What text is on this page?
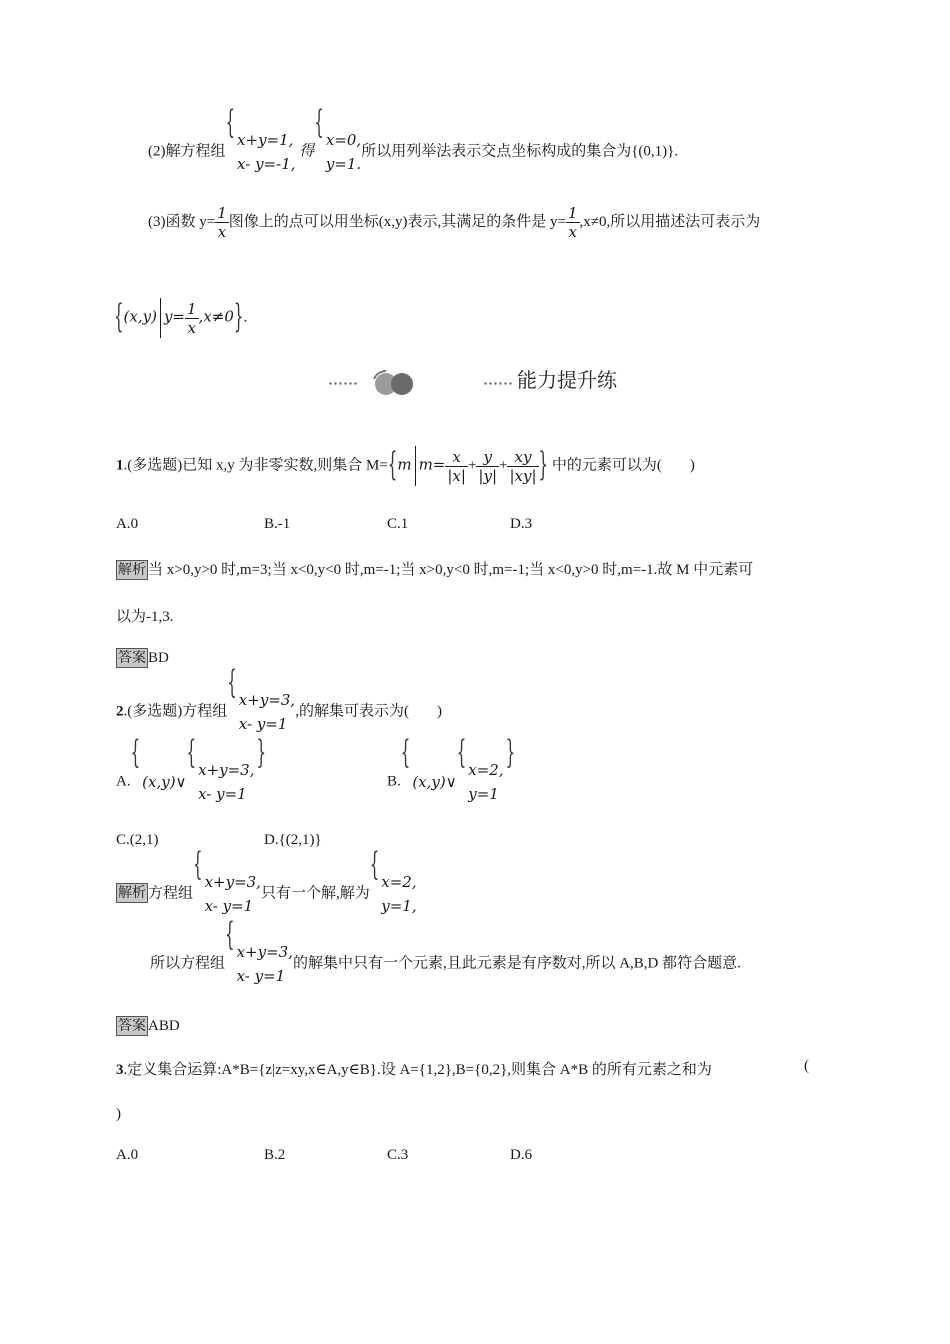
(2)解方程组
{ x+y=1,
x- y=-1,
得
{ x=0,
y=1.
所以用列举法表示交点坐标构成的集合为{(0,1)}.
(3)函数 $y= \frac{1}{x}$ 图像上的点可以用坐标(x,y)表示,其满足的条件是 $y= \frac{1}{x} ,x\ne 0$,所以用描述法可表示为
{(x,y) $y= \frac{1}{x} ,x\ne 0$}.
能力提升练
1.(多选题)已知 x,y 为非零实数,则集合 M={m $m= \frac{x}{|x|} + \frac{y}{|y|} + \frac{xy}{|xy|}$ } 中的元素可以为( )
A.0	B.-1	C.1	D.3
解析 当 x>0,y>0 时,m=3;当 x<0,y<0 时,m=-1;当 x>0,y<0 时,m=-1;当 x<0,y>0 时,m=-1.故 M 中元素可
以为-1,3.
答案 BD
2.(多选题)方程组
{ x+y=3,
x- y=1
,的解集可表示为( )
A.
{
(x,y)∨
{ x+y=3,
x- y=1
}
B.
{
(x,y)∨
{ x=2,
y=1
}
C.(2,1)	D.{(2,1)}
解析 方程组
{ x+y=3,
x- y=1
只有一个解,解为
{ x=2,
y=1,
所以方程组
{ x+y=3,
x- y=1
的解集中只有一个元素,且此元素是有序数对,所以 A,B,D 都符合题意.
答案 ABD
3.定义集合运算:A*B={z|z=xy,x∈A,y∈B}.设 A={1,2},B={0,2},则集合 A*B 的所有元素之和为	(
)
A.0	B.2	C.3	D.6
